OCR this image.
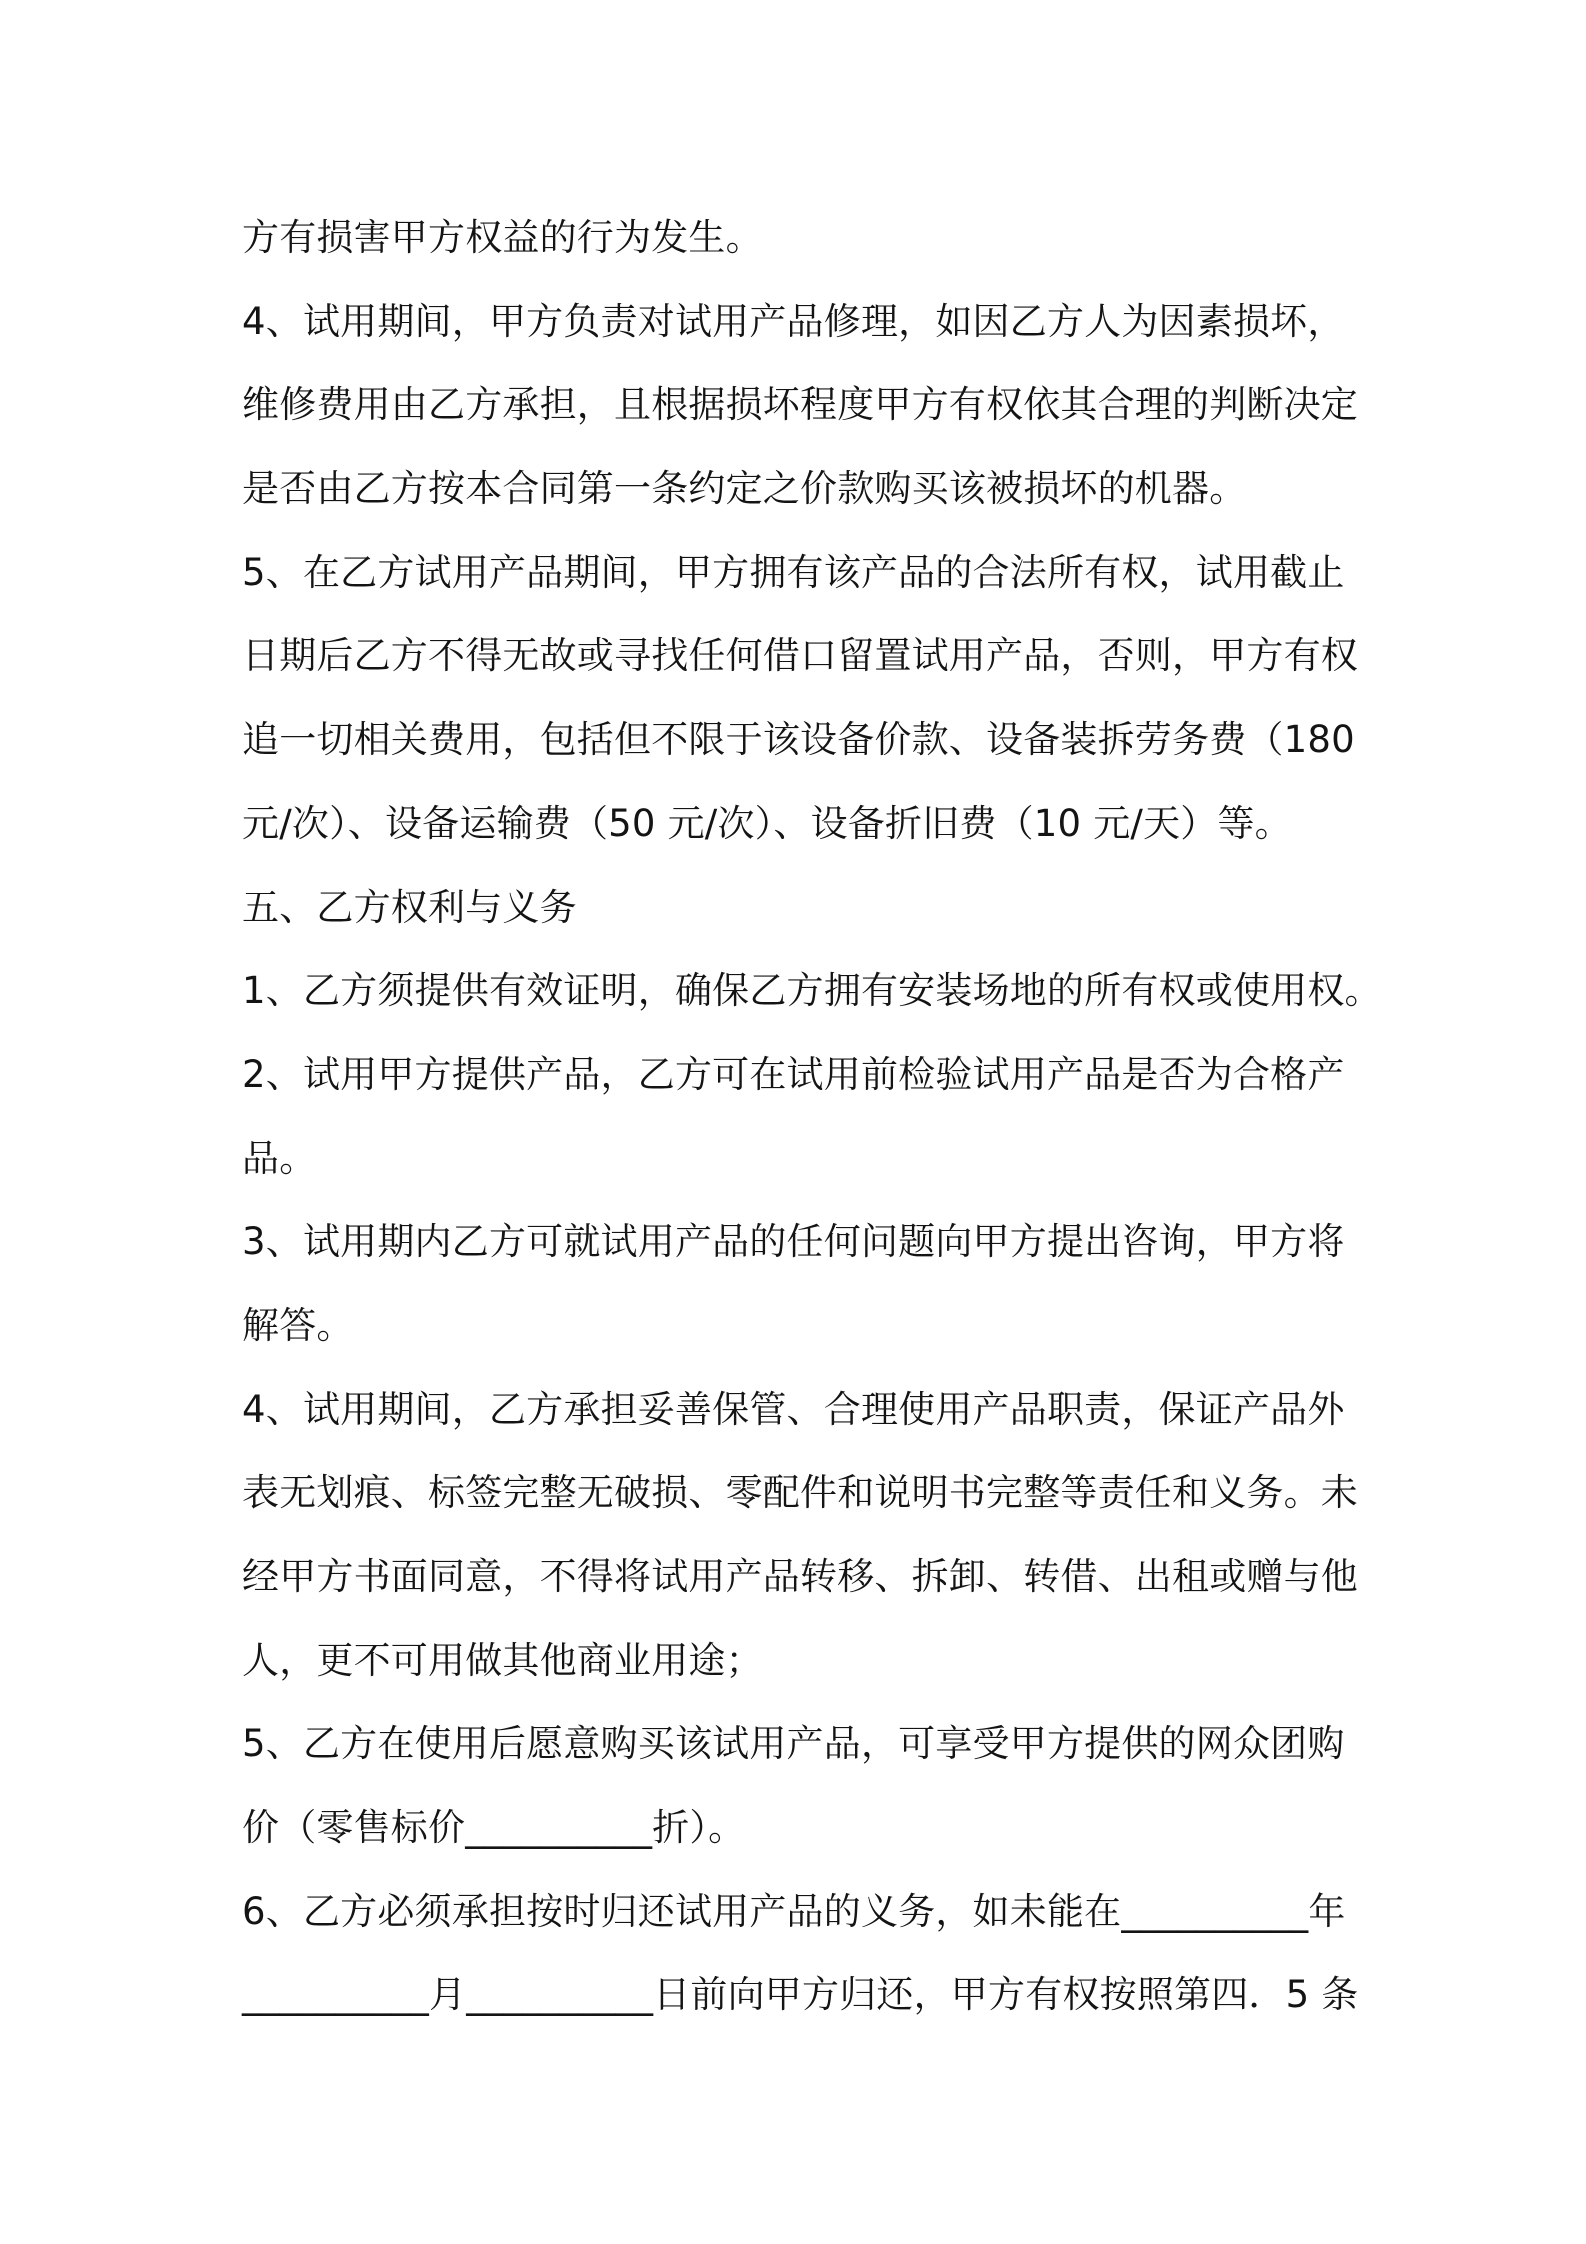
方有损害甲方权益的行为发生。
4、试用期间，甲方负责对试用产品修理，如因乙方人为因素损坏，
维修费用由乙方承担，且根据损坏程度甲方有权依其合理的判断决定
是否由乙方按本合同第一条约定之价款购买该被损坏的机器。
5、在乙方试用产品期间，甲方拥有该产品的合法所有权，试用截止
日期后乙方不得无故或寻找任何借口留置试用产品，否则，甲方有权
追一切相关费用，包括但不限于该设备价款、设备装拆劳务费（180
元/次）、设备运输费（50 元/次）、设备折旧费（10 元/天）等。
五、乙方权利与义务
1、乙方须提供有效证明，确保乙方拥有安装场地的所有权或使用权。
2、试用甲方提供产品，乙方可在试用前检验试用产品是否为合格产
品。
3、试用期内乙方可就试用产品的任何问题向甲方提出咨询，甲方将
解答。
4、试用期间，乙方承担妥善保管、合理使用产品职责，保证产品外
表无划痕、标签完整无破损、零配件和说明书完整等责任和义务。未
经甲方书面同意，不得将试用产品转移、拆卸、转借、出租或赠与他
人，更不可用做其他商业用途；
5、乙方在使用后愿意购买该试用产品，可享受甲方提供的网众团购
价（零售标价__________折）。
6、乙方必须承担按时归还试用产品的义务，如未能在__________年
__________月__________日前向甲方归还，甲方有权按照第四．5 条
